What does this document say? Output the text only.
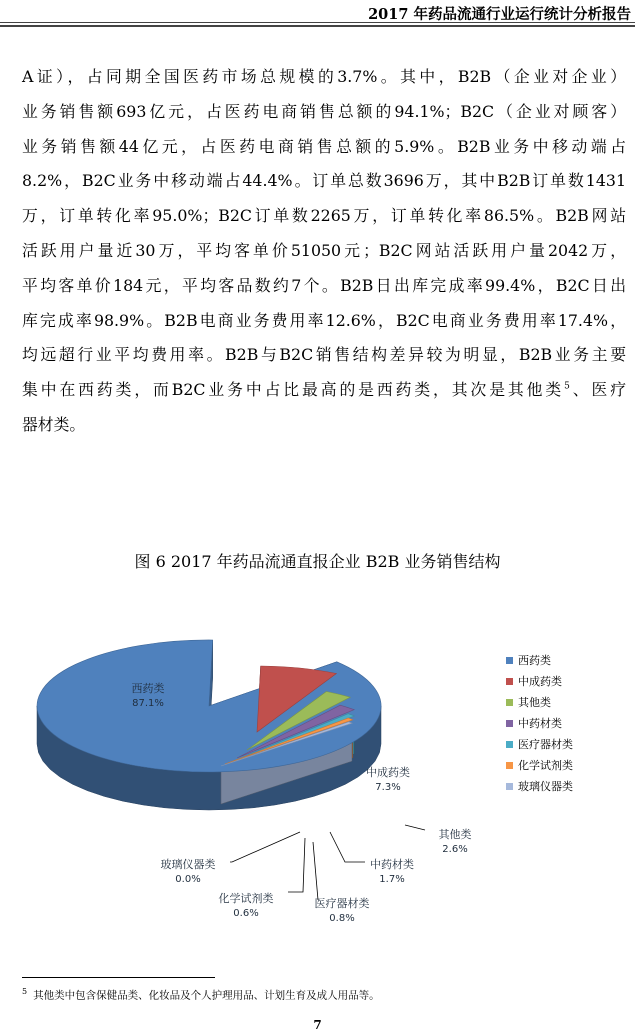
2017 年药品流通行业运行统计分析报告
A证），占同期全国医药市场总规模的3.7%。其中，B2B（企业对企业）
业务销售额693亿元，占医药电商销售总额的94.1%；B2C（企业对顾客）
业务销售额44亿元，占医药电商销售总额的5.9%。B2B业务中移动端占
8.2%，B2C业务中移动端占44.4%。订单总数3696万，其中B2B订单数1431
万，订单转化率95.0%；B2C订单数2265万，订单转化率86.5%。B2B网站
活跃用户量近30万，平均客单价51050元；B2C网站活跃用户量2042万，
平均客单价184元，平均客品数约7个。B2B日出库完成率99.4%，B2C日出
库完成率98.9%。B2B电商业务费用率12.6%，B2C电商业务费用率17.4%，
均远超行业平均费用率。B2B与B2C销售结构差异较为明显，B2B业务主要
集中在西药类，而B2C业务中占比最高的是西药类，其次是其他类$^5$、医疗
器材类。
图 6 2017 年药品流通直报企业 B2B 业务销售结构
西药类
87.1%
中成药类
7.3%
其他类
2.6%
中药材类
1.7%
医疗器材类
0.8%
化学试剂类
0.6%
玻璃仪器类
0.0%
西药类
中成药类
其他类
中药材类
医疗器材类
化学试剂类
玻璃仪器类
$^5$ 其他类中包含保健品类、化妆品及个人护理用品、计划生育及成人用品等。
7
